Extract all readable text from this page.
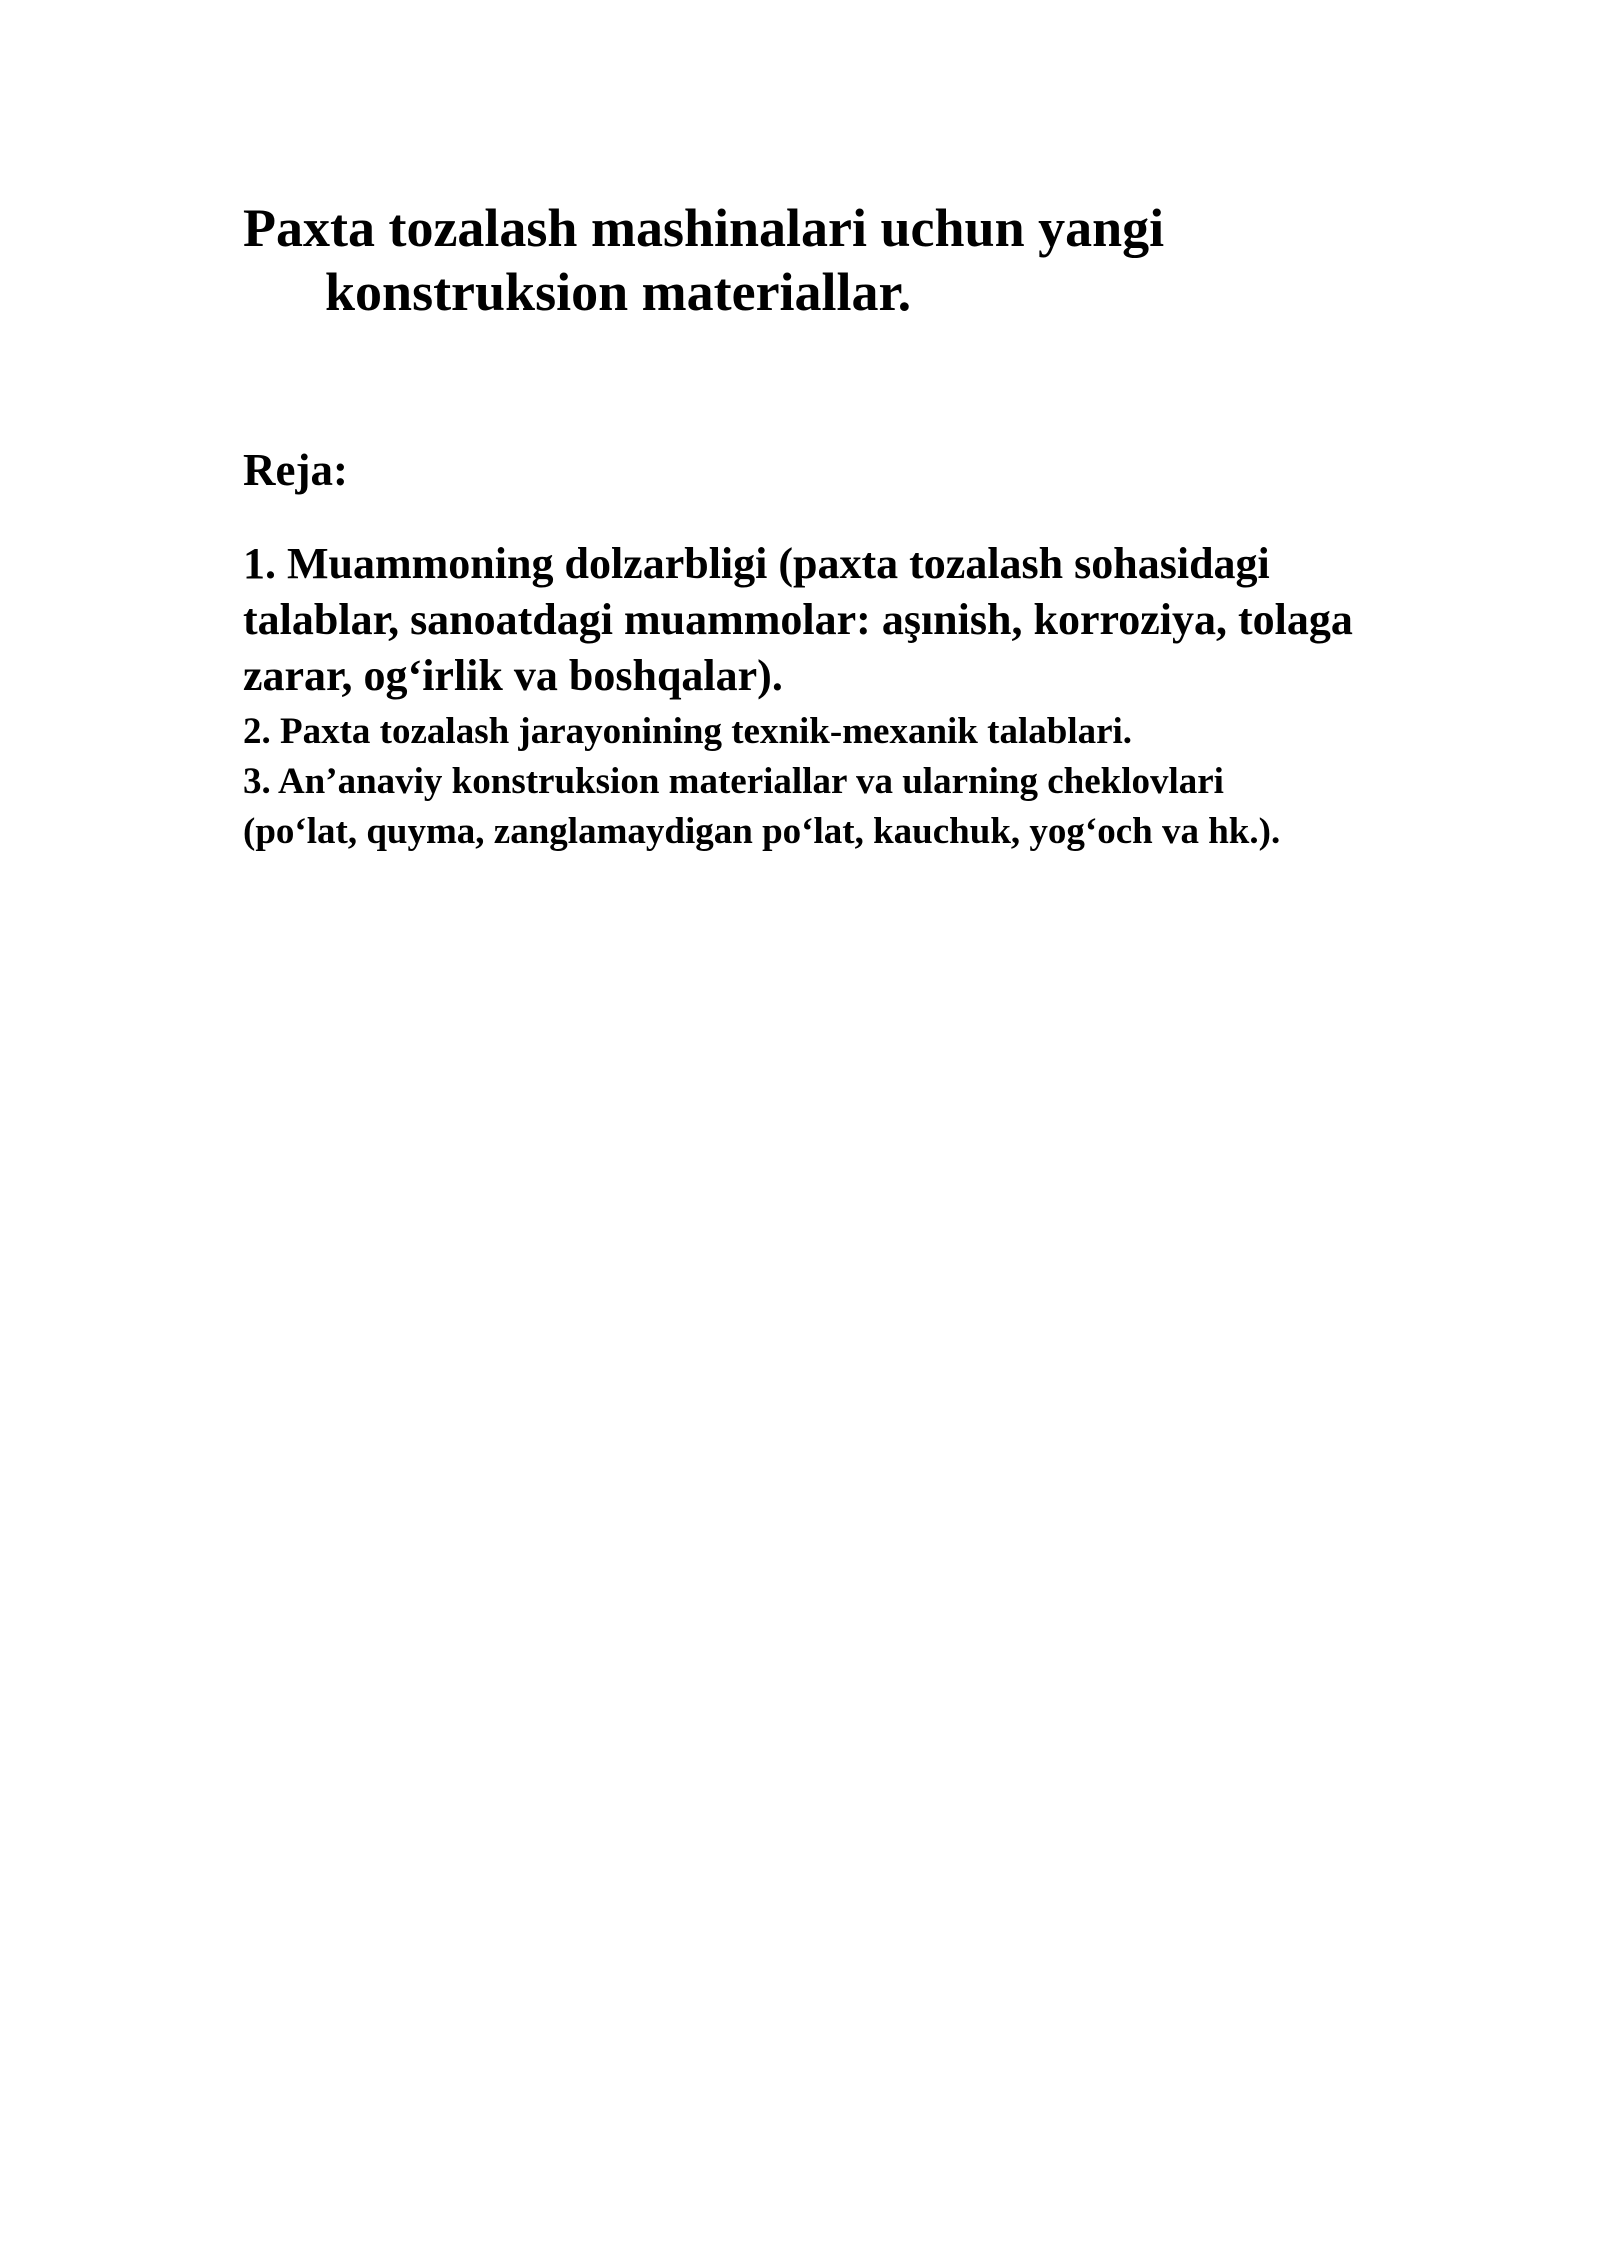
Paxta tozalash mashinalari uchun yangi konstruksion materiallar.
Reja:

1. Muammoning dolzarbligi (paxta tozalash sohasidagi talablar, sanoatdagi muammolar: aşınish, korroziya, tolaga zarar, og‘irlik va boshqalar).

2. Paxta tozalash jarayonining texnik-mexanik talablari.

3. An’anaviy konstruksion materiallar va ularning cheklovlari (po‘lat, quyma, zanglamaydigan po‘lat, kauchuk, yog‘och va hk.).
